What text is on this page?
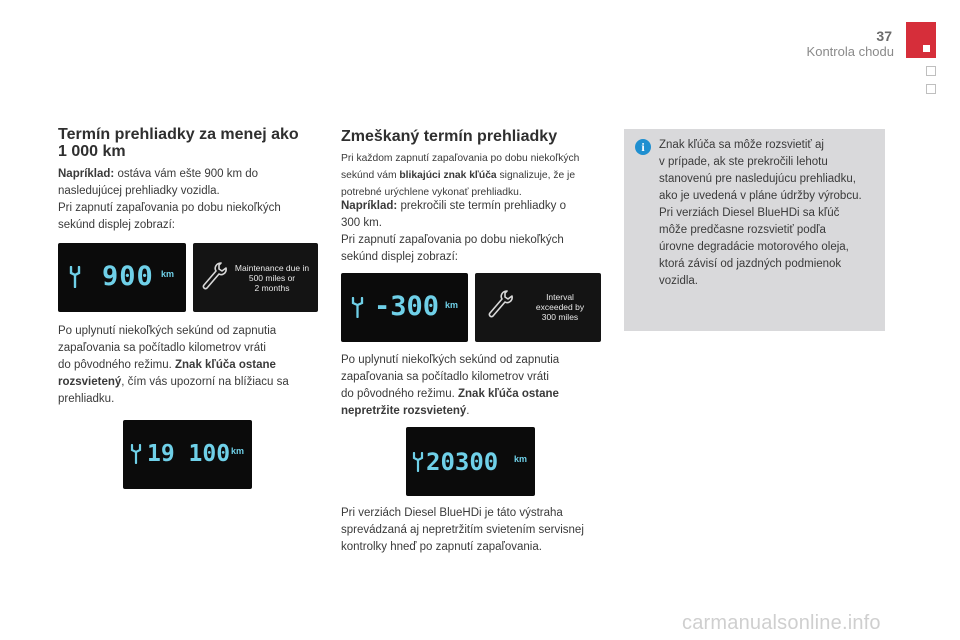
37
Kontrola chodu
Termín prehliadky za menej ako
1 000 km
Napríklad: ostáva vám ešte 900 km do
nasledujúcej prehliadky vozidla.
Pri zapnutí zapaľovania po dobu niekoľkých
sekúnd displej zobrazí:
900 km
Maintenance due in
500 miles or
2 months
Po uplynutí niekoľkých sekúnd od zapnutia
zapaľovania sa počítadlo kilometrov vráti
do pôvodného režimu. Znak kľúča ostane
rozsvietený, čím vás upozorní na blížiacu sa
prehliadku.
19 100 km
Zmeškaný termín prehliadky
Pri každom zapnutí zapaľovania po dobu niekoľkých
sekúnd vám blikajúci znak kľúča signalizuje, že je
potrebné urýchlene vykonať prehliadku.
Napríklad: prekročili ste termín prehliadky o
300 km.
Pri zapnutí zapaľovania po dobu niekoľkých
sekúnd displej zobrazí:
-300 km
Interval
exceeded by
300 miles
Po uplynutí niekoľkých sekúnd od zapnutia
zapaľovania sa počítadlo kilometrov vráti
do pôvodného režimu. Znak kľúča ostane
nepretržite rozsvietený.
20300 km
Pri verziách Diesel BlueHDi je táto výstraha
sprevádzaná aj nepretržitím svietením servisnej
kontrolky hneď po zapnutí zapaľovania.
i	Znak kľúča sa môže rozsvietiť aj
v prípade, ak ste prekročili lehotu
stanovenú pre nasledujúcu prehliadku,
ako je uvedená v pláne údržby výrobcu.
Pri verziách Diesel BlueHDi sa kľúč
môže predčasne rozsvietiť podľa
úrovne degradácie motorového oleja,
ktorá závisí od jazdných podmienok
vozidla.
carmanualsonline.info
